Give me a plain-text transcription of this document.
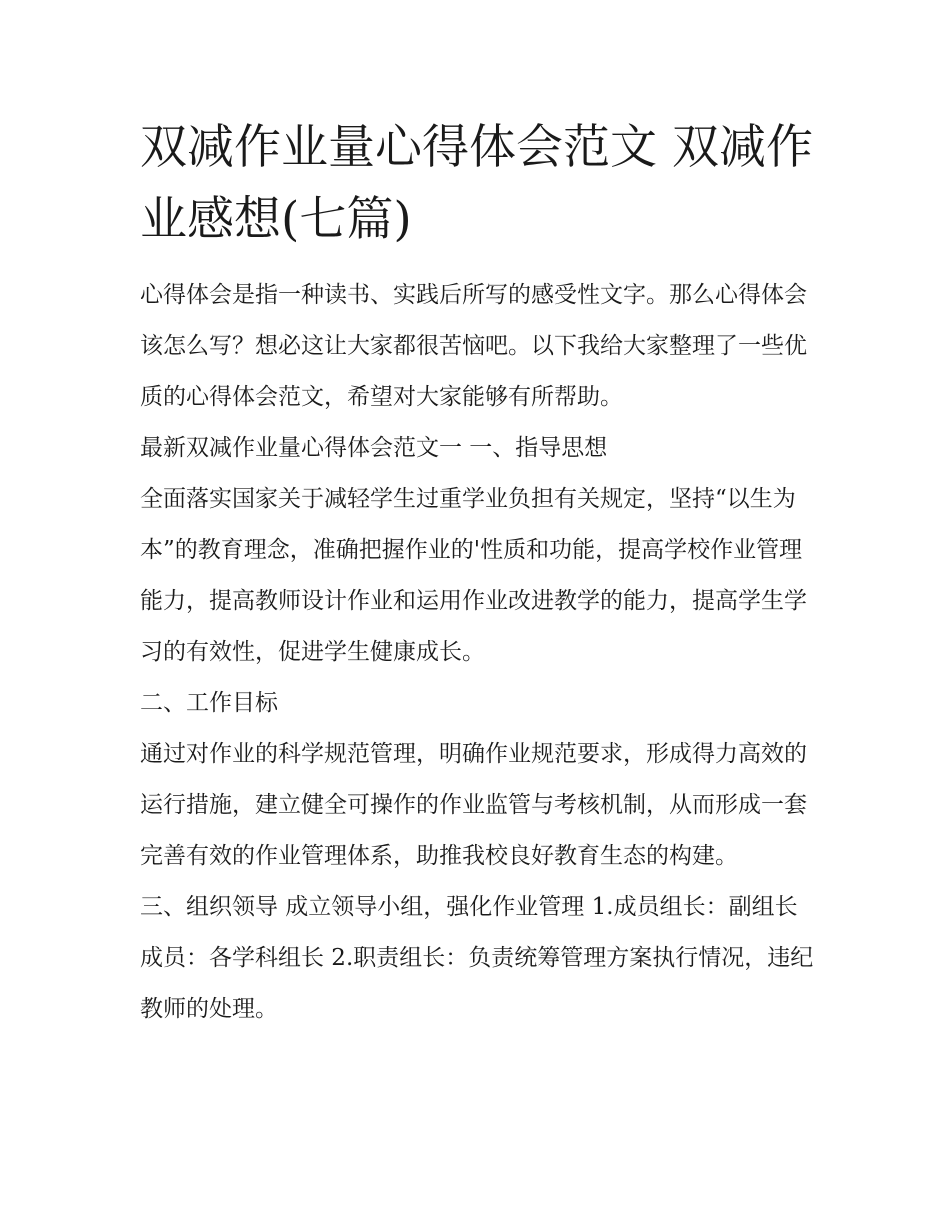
双减作业量心得体会范文 双减作业感想(七篇)

心得体会是指一种读书、实践后所写的感受性文字。那么心得体会该怎么写？想必这让大家都很苦恼吧。以下我给大家整理了一些优质的心得体会范文，希望对大家能够有所帮助。

最新双减作业量心得体会范文一 一、指导思想

全面落实国家关于减轻学生过重学业负担有关规定，坚持“以生为本”的教育理念，准确把握作业的'性质和功能，提高学校作业管理能力，提高教师设计作业和运用作业改进教学的能力，提高学生学习的有效性，促进学生健康成长。

二、工作目标

通过对作业的科学规范管理，明确作业规范要求，形成得力高效的运行措施，建立健全可操作的作业监管与考核机制，从而形成一套完善有效的作业管理体系，助推我校良好教育生态的构建。

三、组织领导 成立领导小组，强化作业管理 1.成员组长：副组长成员：各学科组长 2.职责组长：负责统筹管理方案执行情况，违纪教师的处理。
